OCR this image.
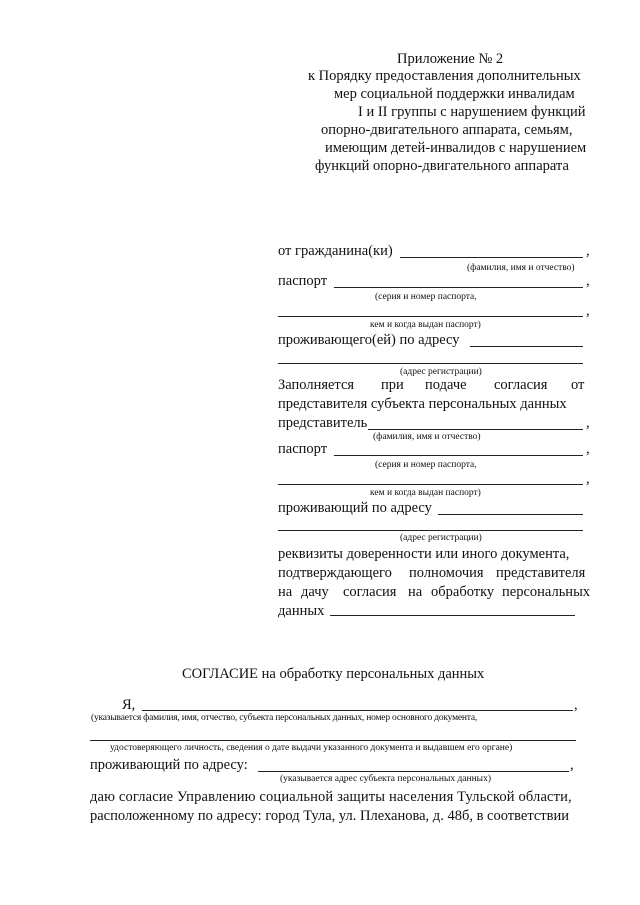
Приложение № 2
к Порядку предоставления дополнительных
мер социальной поддержки инвалидам
I и II группы с нарушением функций
опорно-двигательного аппарата, семьям,
имеющим детей-инвалидов с нарушением
функций опорно-двигательного аппарата
от гражданина(ки)	,
(фамилия, имя и отчество)
паспорт	,
(серия и номер паспорта,
,
кем и когда выдан паспорт)
проживающего(ей) по адресу
(адрес регистрации)
Заполняется при подаче согласия от
представителя субъекта персональных данных
представитель	,
(фамилия, имя и отчество)
паспорт	,
(серия и номер паспорта,
,
кем и когда выдан паспорт)
проживающий по адресу
(адрес регистрации)
реквизиты доверенности или иного документа,
подтверждающего полномочия представителя
на дачу согласия на обработку персональных
данных
СОГЛАСИЕ на обработку персональных данных
Я,	,
(указывается фамилия, имя, отчество, субъекта персональных данных, номер основного документа,
удостоверяющего личность, сведения о дате выдачи указанного документа и выдавшем его органе)
проживающий по адресу:	,
(указывается адрес субъекта персональных данных)
даю согласие Управлению социальной защиты населения Тульской области,
расположенному по адресу: город Тула, ул. Плеханова, д. 48б, в соответствии
